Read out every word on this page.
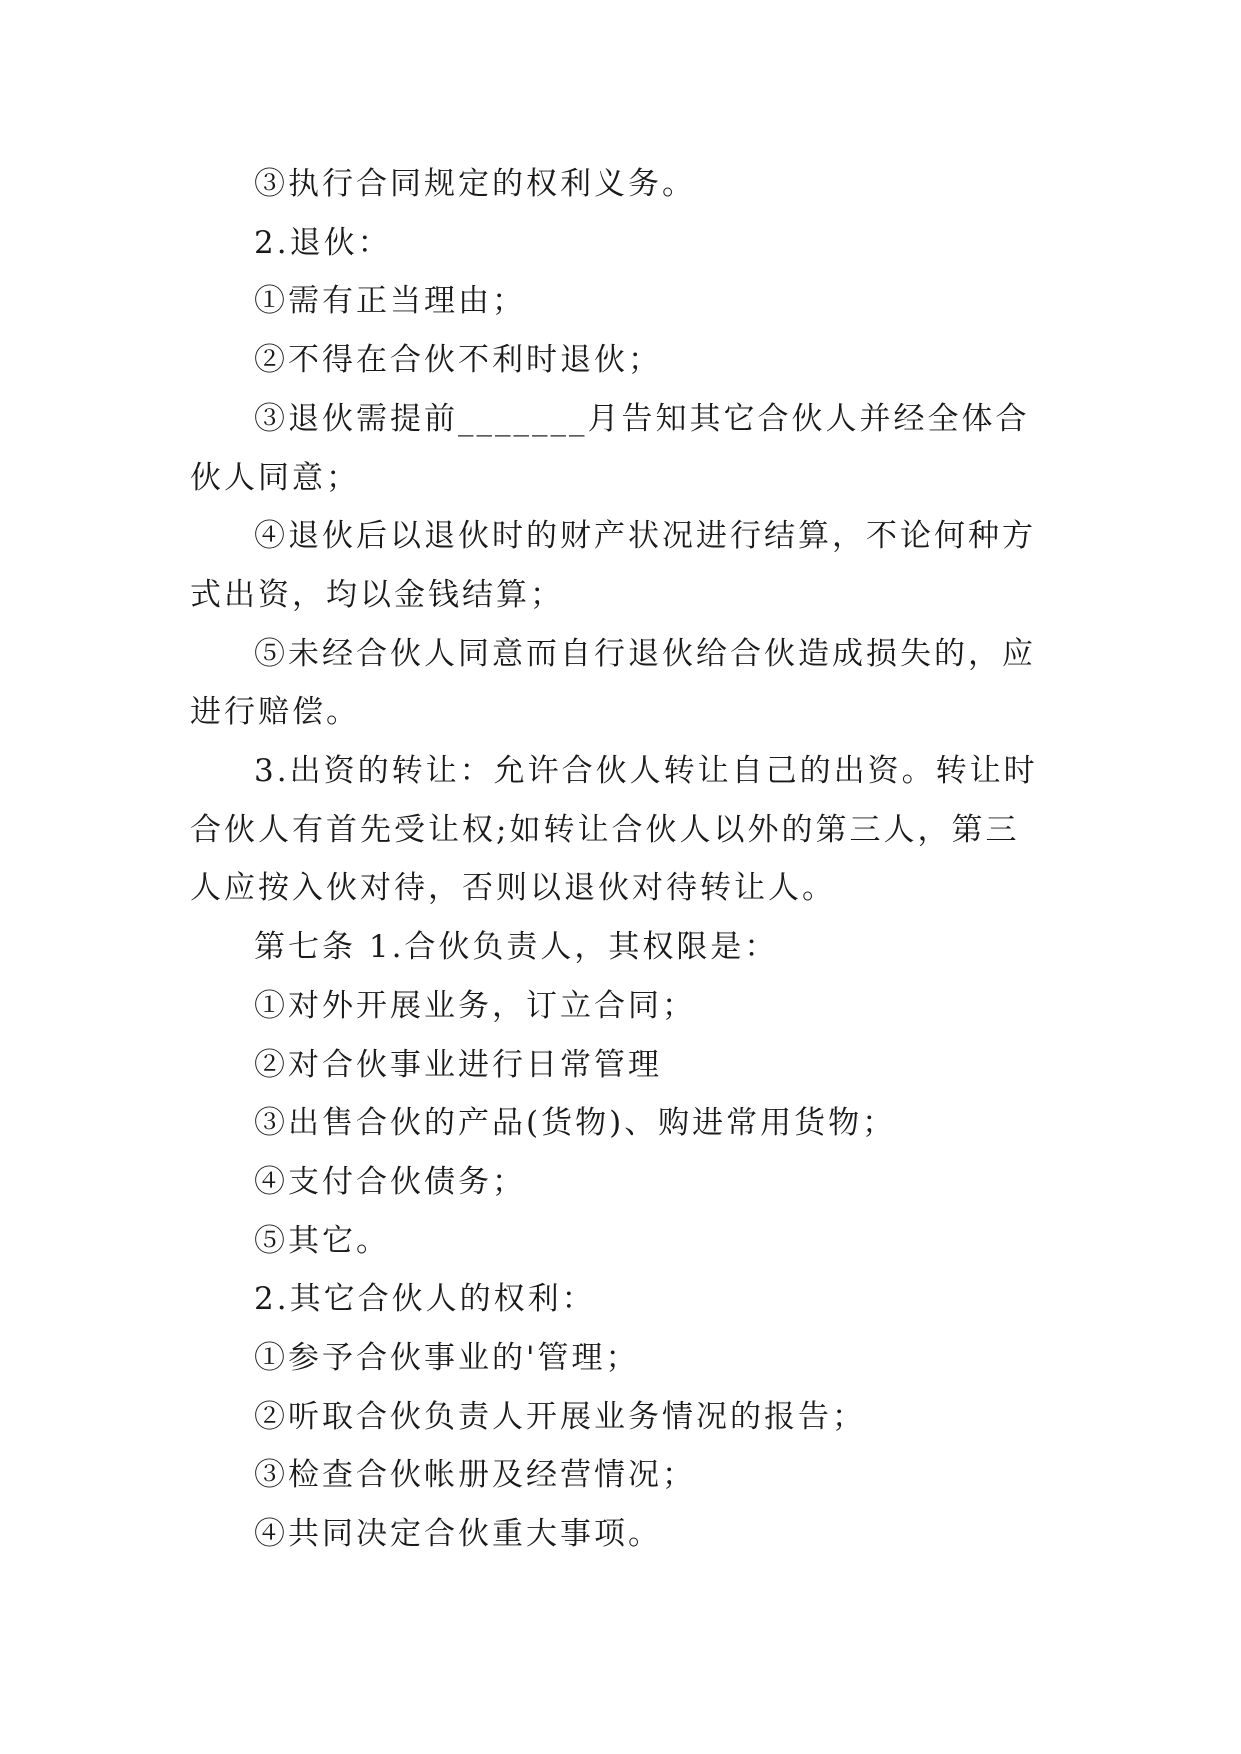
③执行合同规定的权利义务。

2.退伙：

①需有正当理由；

②不得在合伙不利时退伙；

③退伙需提前_______月告知其它合伙人并经全体合伙人同意；

④退伙后以退伙时的财产状况进行结算，不论何种方式出资，均以金钱结算；

⑤未经合伙人同意而自行退伙给合伙造成损失的，应进行赔偿。

3.出资的转让：允许合伙人转让自己的出资。转让时合伙人有首先受让权;如转让合伙人以外的第三人，第三人应按入伙对待，否则以退伙对待转让人。

第七条 1.合伙负责人，其权限是：

①对外开展业务，订立合同；

②对合伙事业进行日常管理

③出售合伙的产品(货物)、购进常用货物；

④支付合伙债务；

⑤其它。

2.其它合伙人的权利：

①参予合伙事业的'管理；

②听取合伙负责人开展业务情况的报告；

③检查合伙帐册及经营情况；

④共同决定合伙重大事项。
